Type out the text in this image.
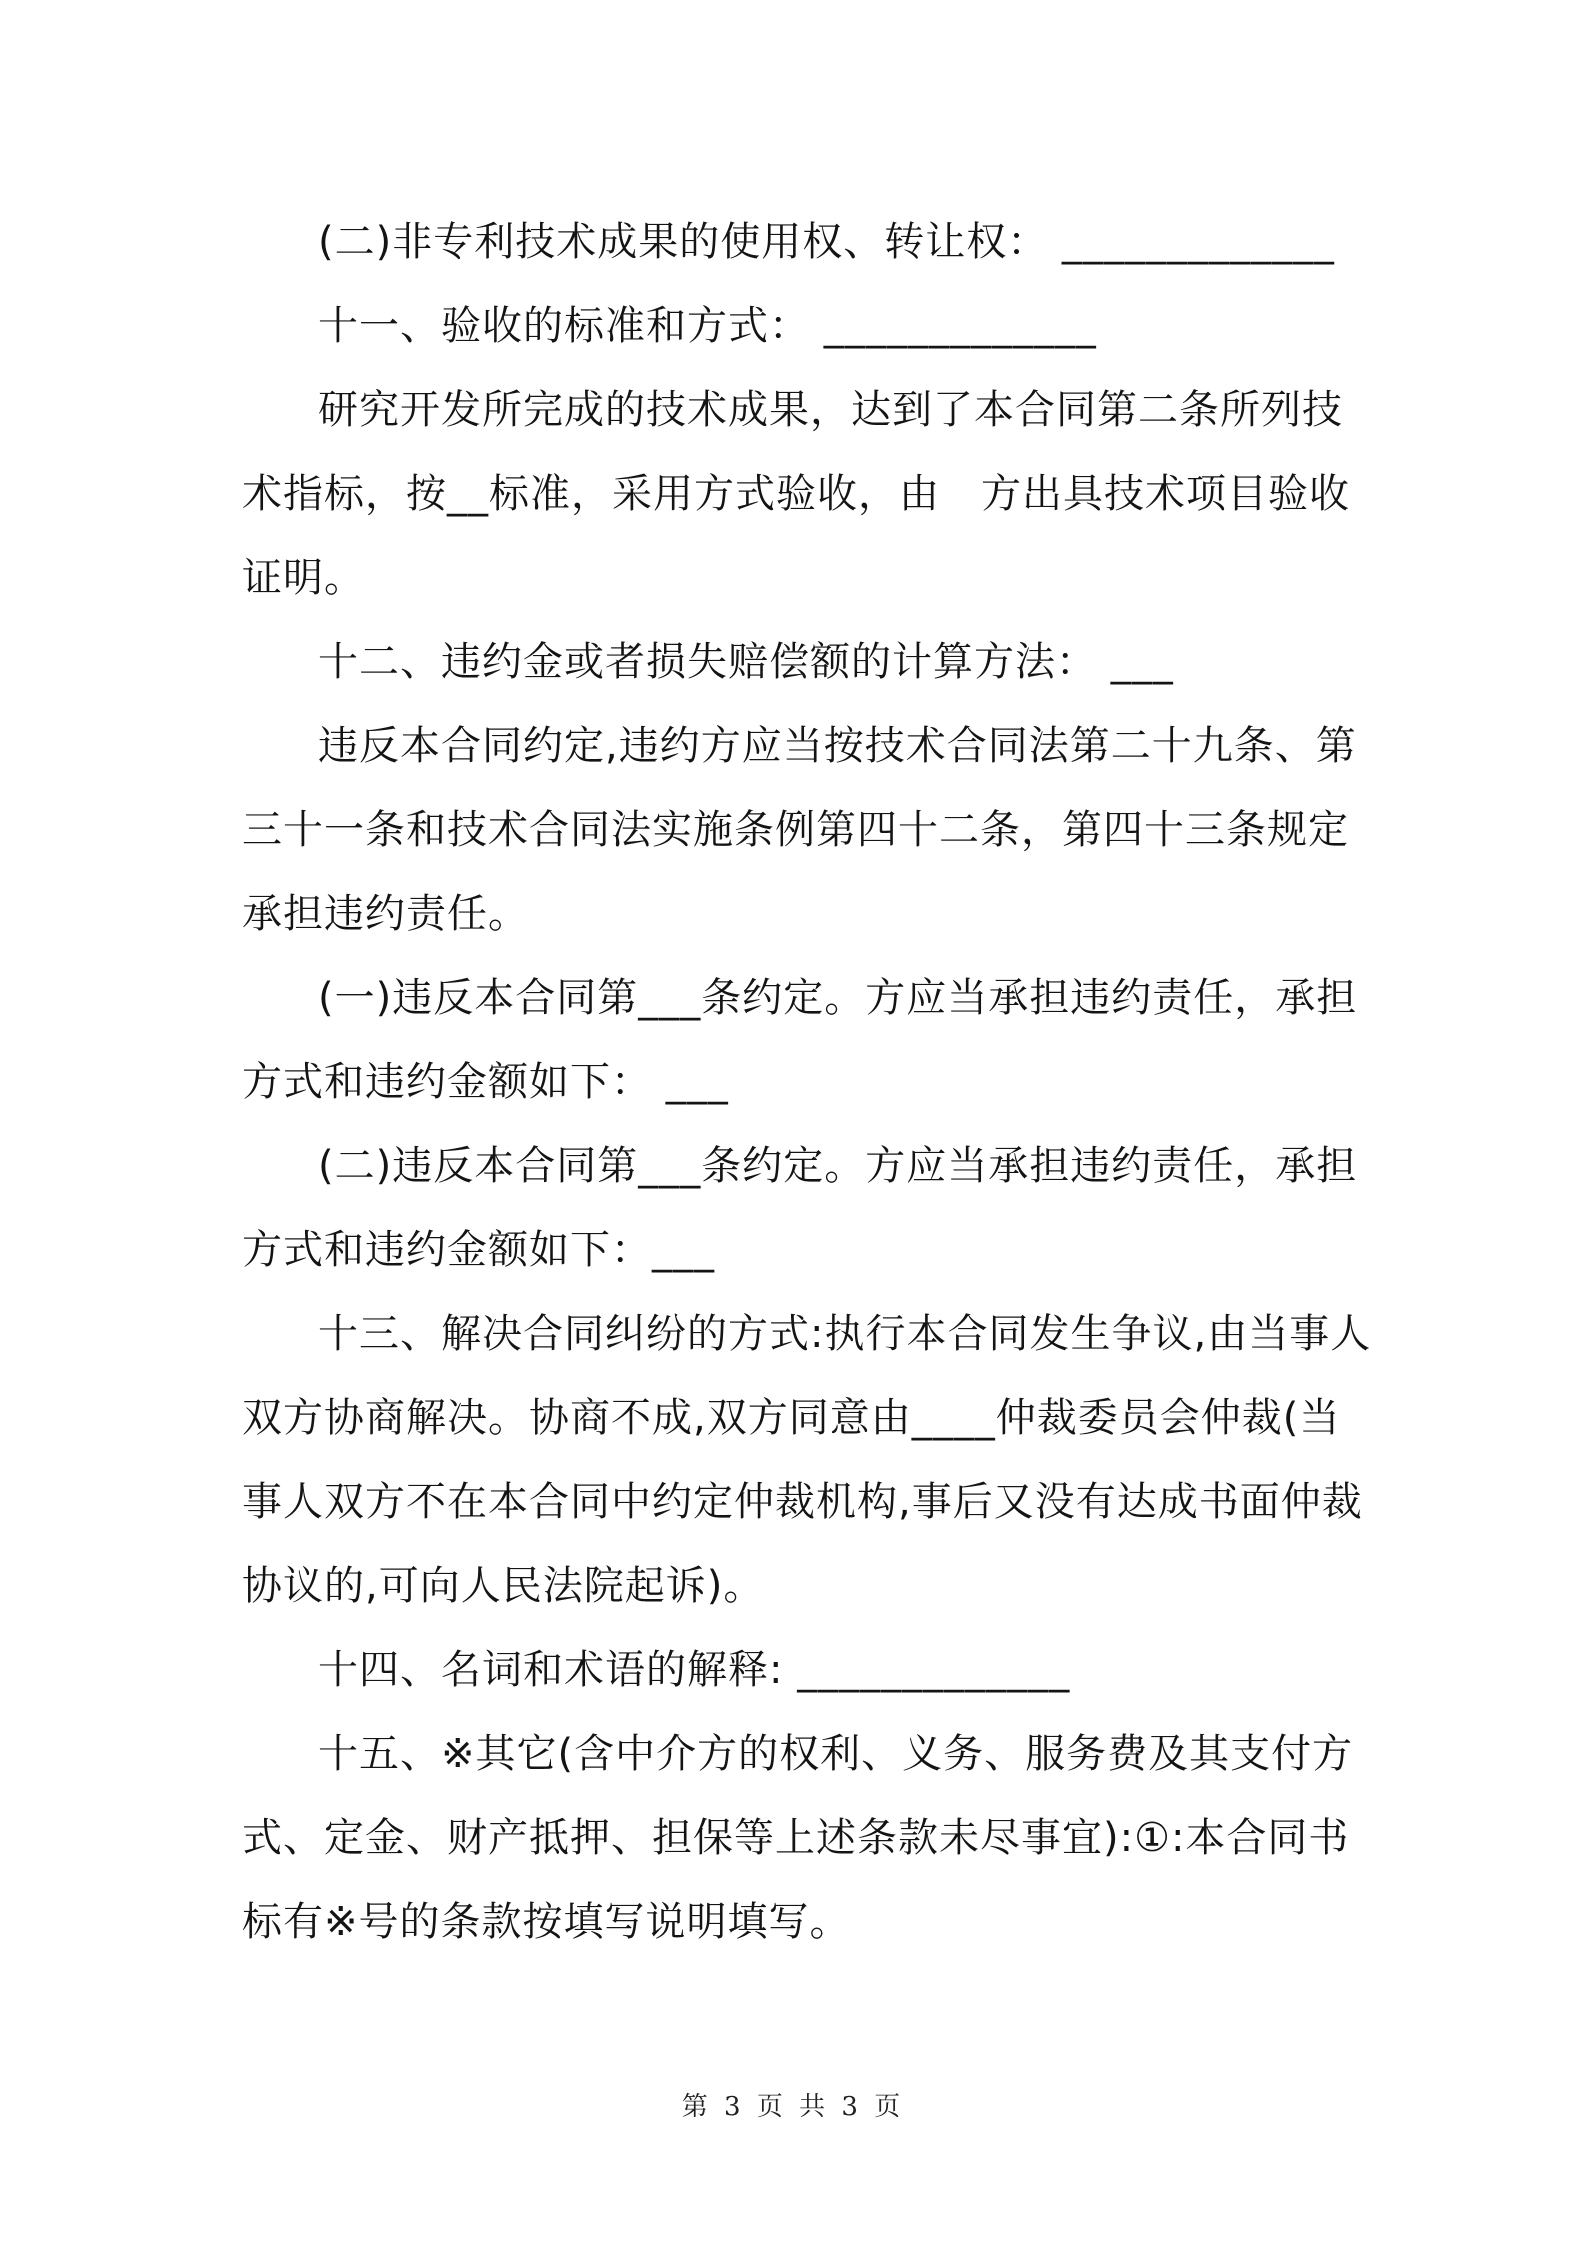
(二)非专利技术成果的使用权、转让权： _____________

十一、验收的标准和方式： _____________

研究开发所完成的技术成果，达到了本合同第二条所列技术指标，按__标准，采用方式验收，由　方出具技术项目验收证明。

十二、违约金或者损失赔偿额的计算方法： ___

违反本合同约定,违约方应当按技术合同法第二十九条、第三十一条和技术合同法实施条例第四十二条，第四十三条规定承担违约责任。

(一)违反本合同第___条约定。方应当承担违约责任，承担方式和违约金额如下： ___

(二)违反本合同第___条约定。方应当承担违约责任，承担方式和违约金额如下：___

十三、解决合同纠纷的方式:执行本合同发生争议,由当事人双方协商解决。协商不成,双方同意由____仲裁委员会仲裁(当事人双方不在本合同中约定仲裁机构,事后又没有达成书面仲裁协议的,可向人民法院起诉)。

十四、名词和术语的解释: _____________

十五、※其它(含中介方的权利、义务、服务费及其支付方式、定金、财产抵押、担保等上述条款未尽事宜):①:本合同书标有※号的条款按填写说明填写。

第 3 页 共 3 页
